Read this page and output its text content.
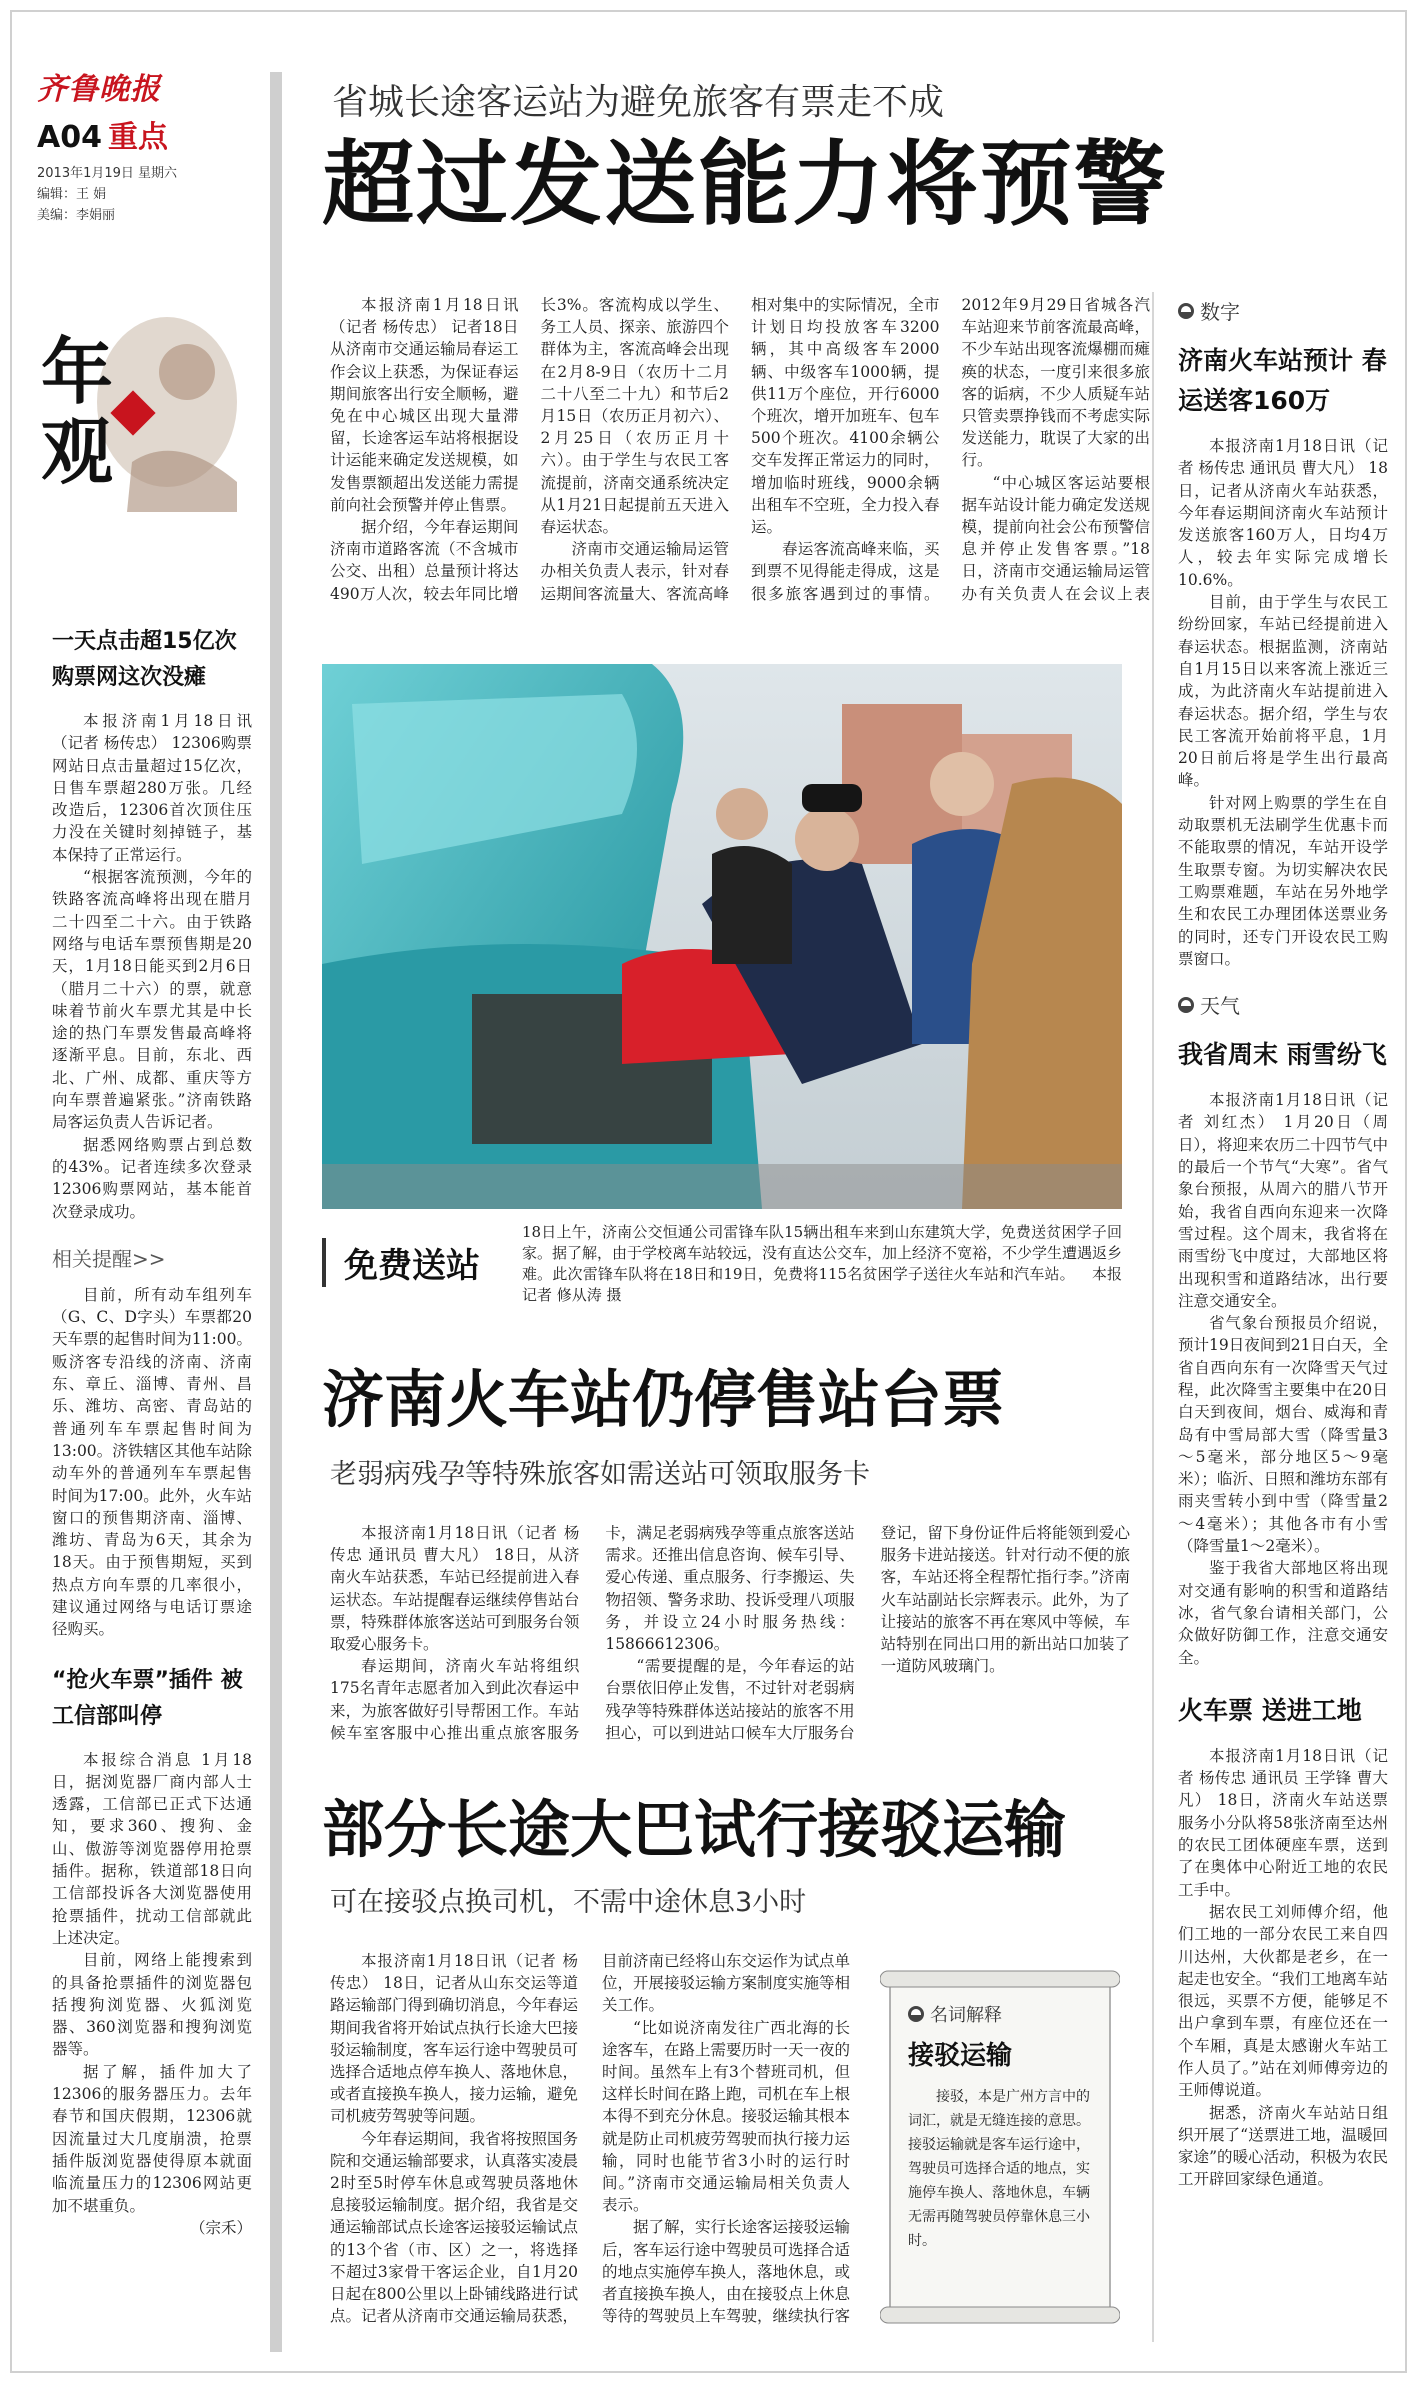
齐鲁晚报
A04 重点
2013年1月19日 星期六
编辑：王 娟
美编：李娟丽
年观
一天点击超15亿次 购票网这次没瘫

本报济南1月18日讯（记者 杨传忠） 12306购票网站日点击量超过15亿次，日售车票超280万张。几经改造后，12306首次顶住压力没在关键时刻掉链子，基本保持了正常运行。

“根据客流预测，今年的铁路客流高峰将出现在腊月二十四至二十六。由于铁路网络与电话车票预售期是20天，1月18日能买到2月6日（腊月二十六）的票，就意味着节前火车票尤其是中长途的热门车票发售最高峰将逐渐平息。目前，东北、西北、广州、成都、重庆等方向车票普遍紧张。”济南铁路局客运负责人告诉记者。

据悉网络购票占到总数的43%。记者连续多次登录12306购票网站，基本能首次登录成功。

相关提醒>>

目前，所有动车组列车（G、C、D字头）车票都20天车票的起售时间为11:00。贩济客专沿线的济南、济南东、章丘、淄博、青州、昌乐、潍坊、高密、青岛站的普通列车车票起售时间为13:00。济铁辖区其他车站除动车外的普通列车车票起售时间为17:00。此外，火车站窗口的预售期济南、淄博、潍坊、青岛为6天，其余为18天。由于预售期短，买到热点方向车票的几率很小，建议通过网络与电话订票途径购买。

“抢火车票”插件 被工信部叫停

本报综合消息 1月18日，据浏览器厂商内部人士透露，工信部已正式下达通知，要求360、搜狗、金山、傲游等浏览器停用抢票插件。据称，铁道部18日向工信部投诉各大浏览器使用抢票插件，扰动工信部就此上述决定。

目前，网络上能搜索到的具备抢票插件的浏览器包括搜狗浏览器、火狐浏览器、360浏览器和搜狗浏览器等。

据了解，插件加大了12306的服务器压力。去年春节和国庆假期，12306就因流量过大几度崩溃，抢票插件版浏览器使得原本就面临流量压力的12306网站更加不堪重负。

（宗禾）
省城长途客运站为避免旅客有票走不成
超过发送能力将预警

本报济南1月18日讯（记者 杨传忠） 记者18日从济南市交通运输局春运工作会议上获悉，为保证春运期间旅客出行安全顺畅，避免在中心城区出现大量滞留，长途客运车站将根据设计运能来确定发送规模，如发售票额超出发送能力需提前向社会预警并停止售票。

据介绍，今年春运期间济南市道路客流（不含城市公交、出租）总量预计将达490万人次，较去年同比增长3%。客流构成以学生、务工人员、探亲、旅游四个群体为主，客流高峰会出现在2月8-9日（农历十二月二十八至二十九）和节后2月15日（农历正月初六）、2月25日（农历正月十六）。由于学生与农民工客流提前，济南交通系统决定从1月21日起提前五天进入春运状态。

济南市交通运输局运管办相关负责人表示，针对春运期间客流量大、客流高峰相对集中的实际情况，全市计划日均投放客车3200辆，其中高级客车2000辆、中级客车1000辆，提供11万个座位，开行6000个班次，增开加班车、包车500个班次。4100余辆公交车发挥正常运力的同时，增加临时班线，9000余辆出租车不空班，全力投入春运。

春运客流高峰来临，买到票不见得能走得成，这是很多旅客遇到过的事情。2012年9月29日省城各汽车站迎来节前客流最高峰，不少车站出现客流爆棚而瘫痪的状态，一度引来很多旅客的诟病，不少人质疑车站只管卖票挣钱而不考虑实际发送能力，耽误了大家的出行。

“中心城区客运站要根据车站设计能力确定发送规模，提前向社会公布预警信息并停止发售客票。”18日，济南市交通运输局运管办有关负责人在会议上表

免费送站
18日上午，济南公交恒通公司雷锋车队15辆出租车来到山东建筑大学，免费送贫困学子回家。据了解，由于学校离车站较远，没有直达公交车，加上经济不宽裕，不少学生遭遇返乡难。此次雷锋车队将在18日和19日，免费将115名贫困学子送往火车站和汽车站。 本报记者 修从涛 摄
济南火车站仍停售站台票
老弱病残孕等特殊旅客如需送站可领取服务卡

本报济南1月18日讯（记者 杨传忠 通讯员 曹大凡） 18日，从济南火车站获悉，车站已经提前进入春运状态。车站提醒春运继续停售站台票，特殊群体旅客送站可到服务台领取爱心服务卡。

春运期间，济南火车站将组织175名青年志愿者加入到此次春运中来，为旅客做好引导帮困工作。车站候车室客服中心推出重点旅客服务卡，满足老弱病残孕等重点旅客送站需求。还推出信息咨询、候车引导、爱心传递、重点服务、行李搬运、失物招领、警务求助、投诉受理八项服务，并设立24小时服务热线：15866612306。

“需要提醒的是，今年春运的站台票依旧停止发售，不过针对老弱病残孕等特殊群体送站接站的旅客不用担心，可以到进站口候车大厅服务台登记，留下身份证件后将能领到爱心服务卡进站接送。针对行动不便的旅客，车站还将全程帮忙指行李。”济南火车站副站长宗辉表示。此外，为了让接站的旅客不再在寒风中等候，车站特别在同出口用的新出站口加装了一道防风玻璃门。

部分长途大巴试行接驳运输
可在接驳点换司机，不需中途休息3小时

本报济南1月18日讯（记者 杨传忠） 18日，记者从山东交运等道路运输部门得到确切消息，今年春运期间我省将开始试点执行长途大巴接驳运输制度，客车运行途中驾驶员可选择合适地点停车换人、落地休息，或者直接换车换人，接力运输，避免司机疲劳驾驶等问题。

今年春运期间，我省将按照国务院和交通运输部要求，认真落实凌晨2时至5时停车休息或驾驶员落地休息接驳运输制度。据介绍，我省是交通运输部试点长途客运接驳运输试点的13个省（市、区）之一，将选择不超过3家骨干客运企业，自1月20日起在800公里以上卧铺线路进行试点。记者从济南市交通运输局获悉，目前济南已经将山东交运作为试点单位，开展接驳运输方案制度实施等相关工作。

“比如说济南发往广西北海的长途客车，在路上需要历时一天一夜的时间。虽然车上有3个替班司机，但这样长时间在路上跑，司机在车上根本得不到充分休息。接驳运输其根本就是防止司机疲劳驾驶而执行接力运输，同时也能节省3小时的运行时间。”济南市交通运输局相关负责人表示。

据了解，实行长途客运接驳运输后，客车运行途中驾驶员可选择合适的地点实施停车换人，落地休息，或者直接换车换人，由在接驳点上休息等待的驾驶员上车驾驶，继续执行客

名词解释
接驳运输
接驳，本是广州方言中的词汇，就是无缝连接的意思。接驳运输就是客车运行途中，驾驶员可选择合适的地点，实施停车换人、落地休息，车辆无需再随驾驶员停靠休息三小时。
数字
济南火车站预计 春运送客160万

本报济南1月18日讯（记者 杨传忠 通讯员 曹大凡） 18日，记者从济南火车站获悉，今年春运期间济南火车站预计发送旅客160万人，日均4万人，较去年实际完成增长10.6%。

目前，由于学生与农民工纷纷回家，车站已经提前进入春运状态。根据监测，济南站自1月15日以来客流上涨近三成，为此济南火车站提前进入春运状态。据介绍，学生与农民工客流开始前将平息，1月20日前后将是学生出行最高峰。

针对网上购票的学生在自动取票机无法刷学生优惠卡而不能取票的情况，车站开设学生取票专窗。为切实解决农民工购票难题，车站在另外地学生和农民工办理团体送票业务的同时，还专门开设农民工购票窗口。

天气
我省周末 雨雪纷飞

本报济南1月18日讯（记者 刘红杰） 1月20日（周日），将迎来农历二十四节气中的最后一个节气“大寒”。省气象台预报，从周六的腊八节开始，我省自西向东迎来一次降雪过程。这个周末，我省将在雨雪纷飞中度过，大部地区将出现积雪和道路结冰，出行要注意交通安全。

省气象台预报员介绍说，预计19日夜间到21日白天，全省自西向东有一次降雪天气过程，此次降雪主要集中在20日白天到夜间，烟台、威海和青岛有中雪局部大雪（降雪量3～5毫米，部分地区5～9毫米）；临沂、日照和潍坊东部有雨夹雪转小到中雪（降雪量2～4毫米）；其他各市有小雪（降雪量1～2毫米）。

鉴于我省大部地区将出现对交通有影响的积雪和道路结冰，省气象台请相关部门，公众做好防御工作，注意交通安全。

火车票 送进工地

本报济南1月18日讯（记者 杨传忠 通讯员 王学锋 曹大凡） 18日，济南火车站送票服务小分队将58张济南至达州的农民工团体硬座车票，送到了在奥体中心附近工地的农民工手中。

据农民工刘师傅介绍，他们工地的一部分农民工来自四川达州，大伙都是老乡，在一起走也安全。“我们工地离车站很远，买票不方便，能够足不出户拿到车票，有座位还在一个车厢，真是太感谢火车站工作人员了。”站在刘师傅旁边的王师傅说道。

据悉，济南火车站站日组织开展了“送票进工地，温暖回家途”的暖心活动，积极为农民工开辟回家绿色通道。
